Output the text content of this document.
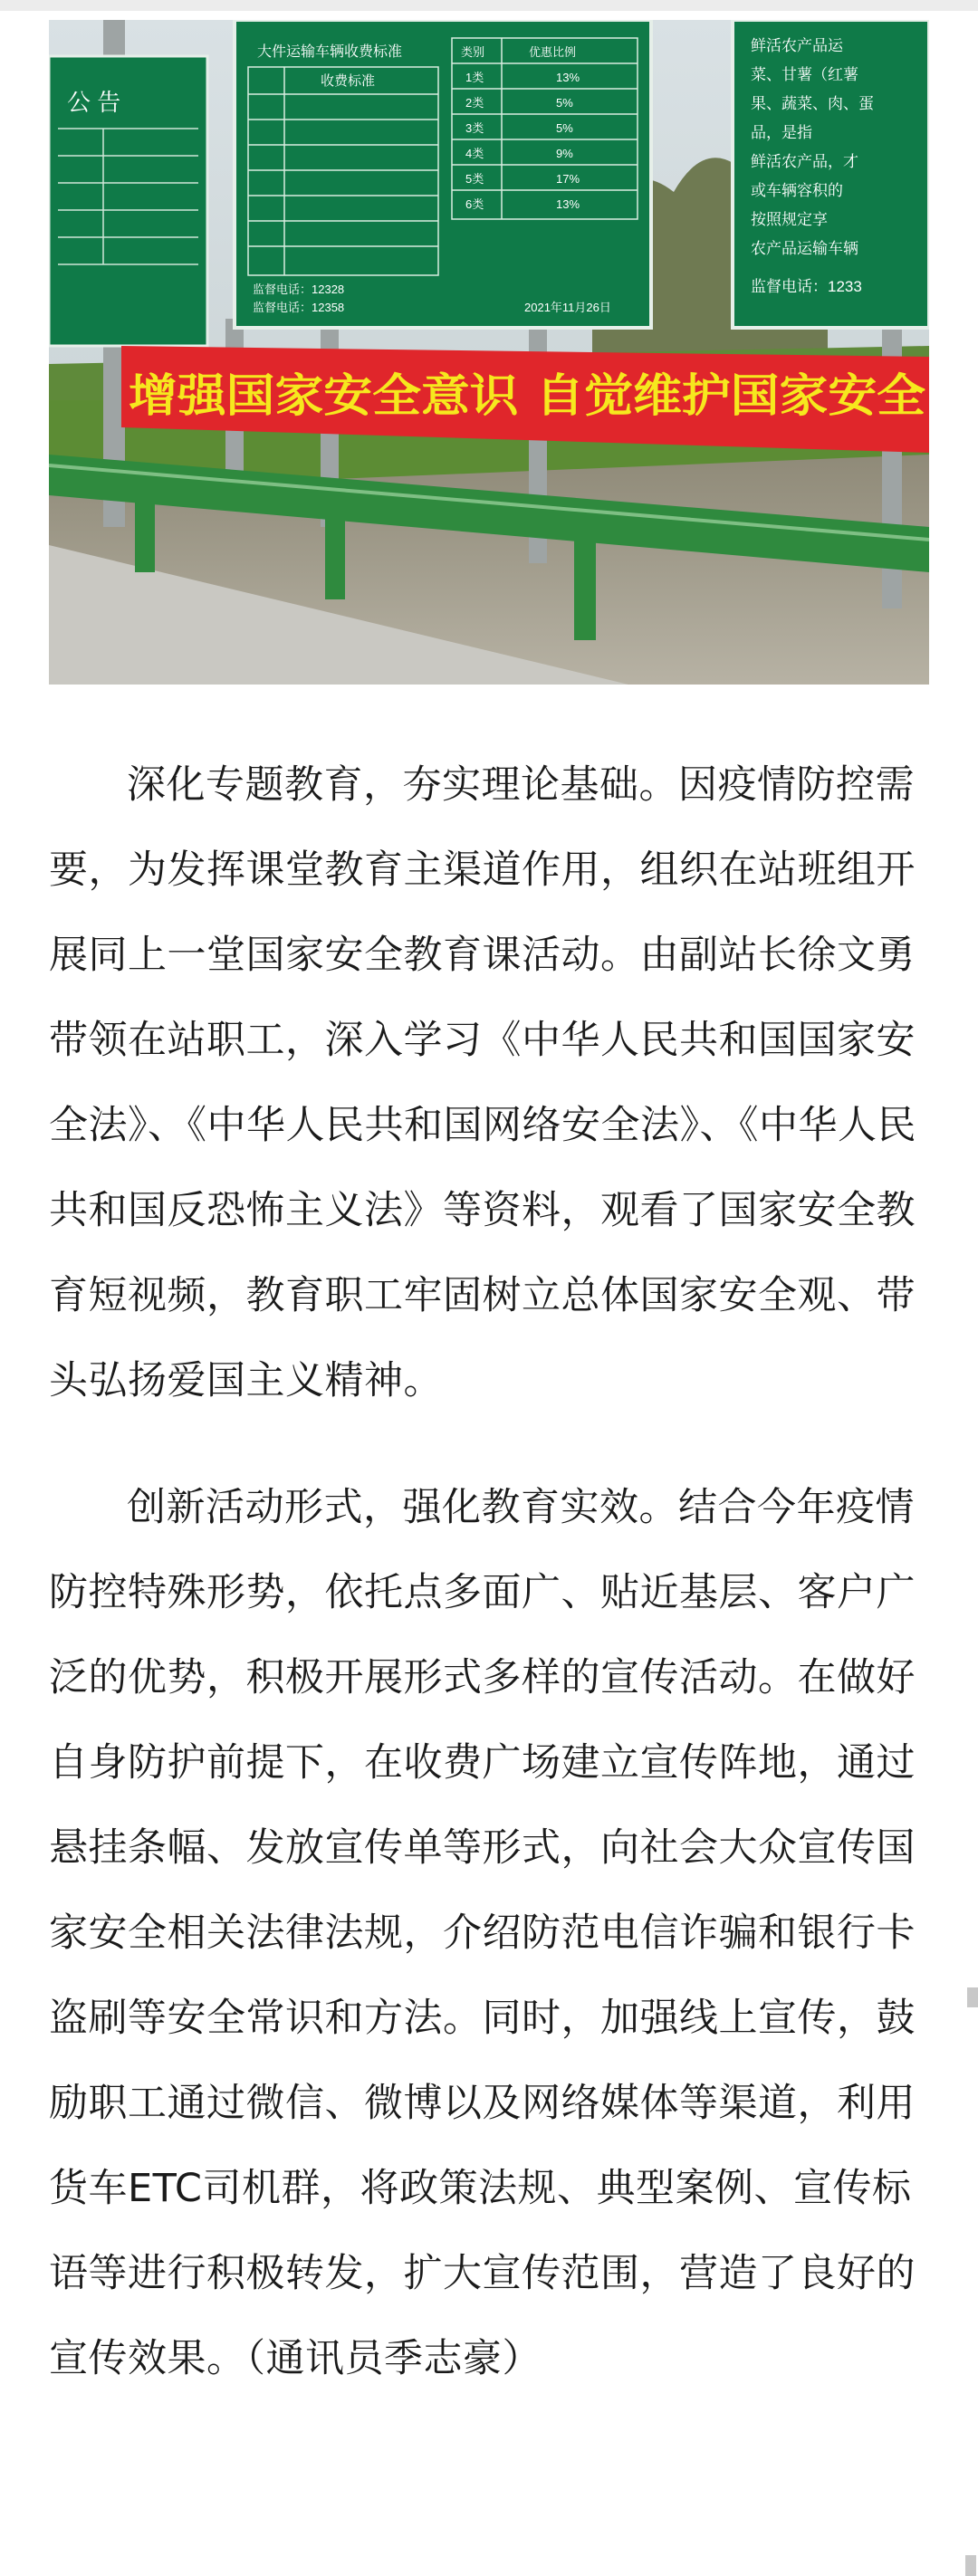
公 告
大件运输车辆收费标准
收费标准
类别	优惠比例
1类	13%
2类	5%
3类	5%
4类	9%
5类	17%
6类	13%
监督电话：12328
监督电话：12358	2021年11月26日
鲜活农产品运
菜、甘薯（红薯
果、蔬菜、肉、蛋
品，是指
鲜活农产品，才
或车辆容积的
按照规定享
农产品运输车辆
监督电话：1233
增强国家安全意识 自觉维护国家安全

深化专题教育，夯实理论基础。因疫情防控需要，为发挥课堂教育主渠道作用，组织在站班组开展同上一堂国家安全教育课活动。由副站长徐文勇带领在站职工，深入学习《中华人民共和国国家安全法》、《中华人民共和国网络安全法》、《中华人民共和国反恐怖主义法》等资料，观看了国家安全教育短视频，教育职工牢固树立总体国家安全观、带头弘扬爱国主义精神。

创新活动形式，强化教育实效。结合今年疫情防控特殊形势，依托点多面广、贴近基层、客户广泛的优势，积极开展形式多样的宣传活动。在做好自身防护前提下，在收费广场建立宣传阵地，通过悬挂条幅、发放宣传单等形式，向社会大众宣传国家安全相关法律法规，介绍防范电信诈骗和银行卡盗刷等安全常识和方法。同时，加强线上宣传，鼓励职工通过微信、微博以及网络媒体等渠道，利用货车ETC司机群，将政策法规、典型案例、宣传标语等进行积极转发，扩大宣传范围，营造了良好的宣传效果。（通讯员季志豪）
